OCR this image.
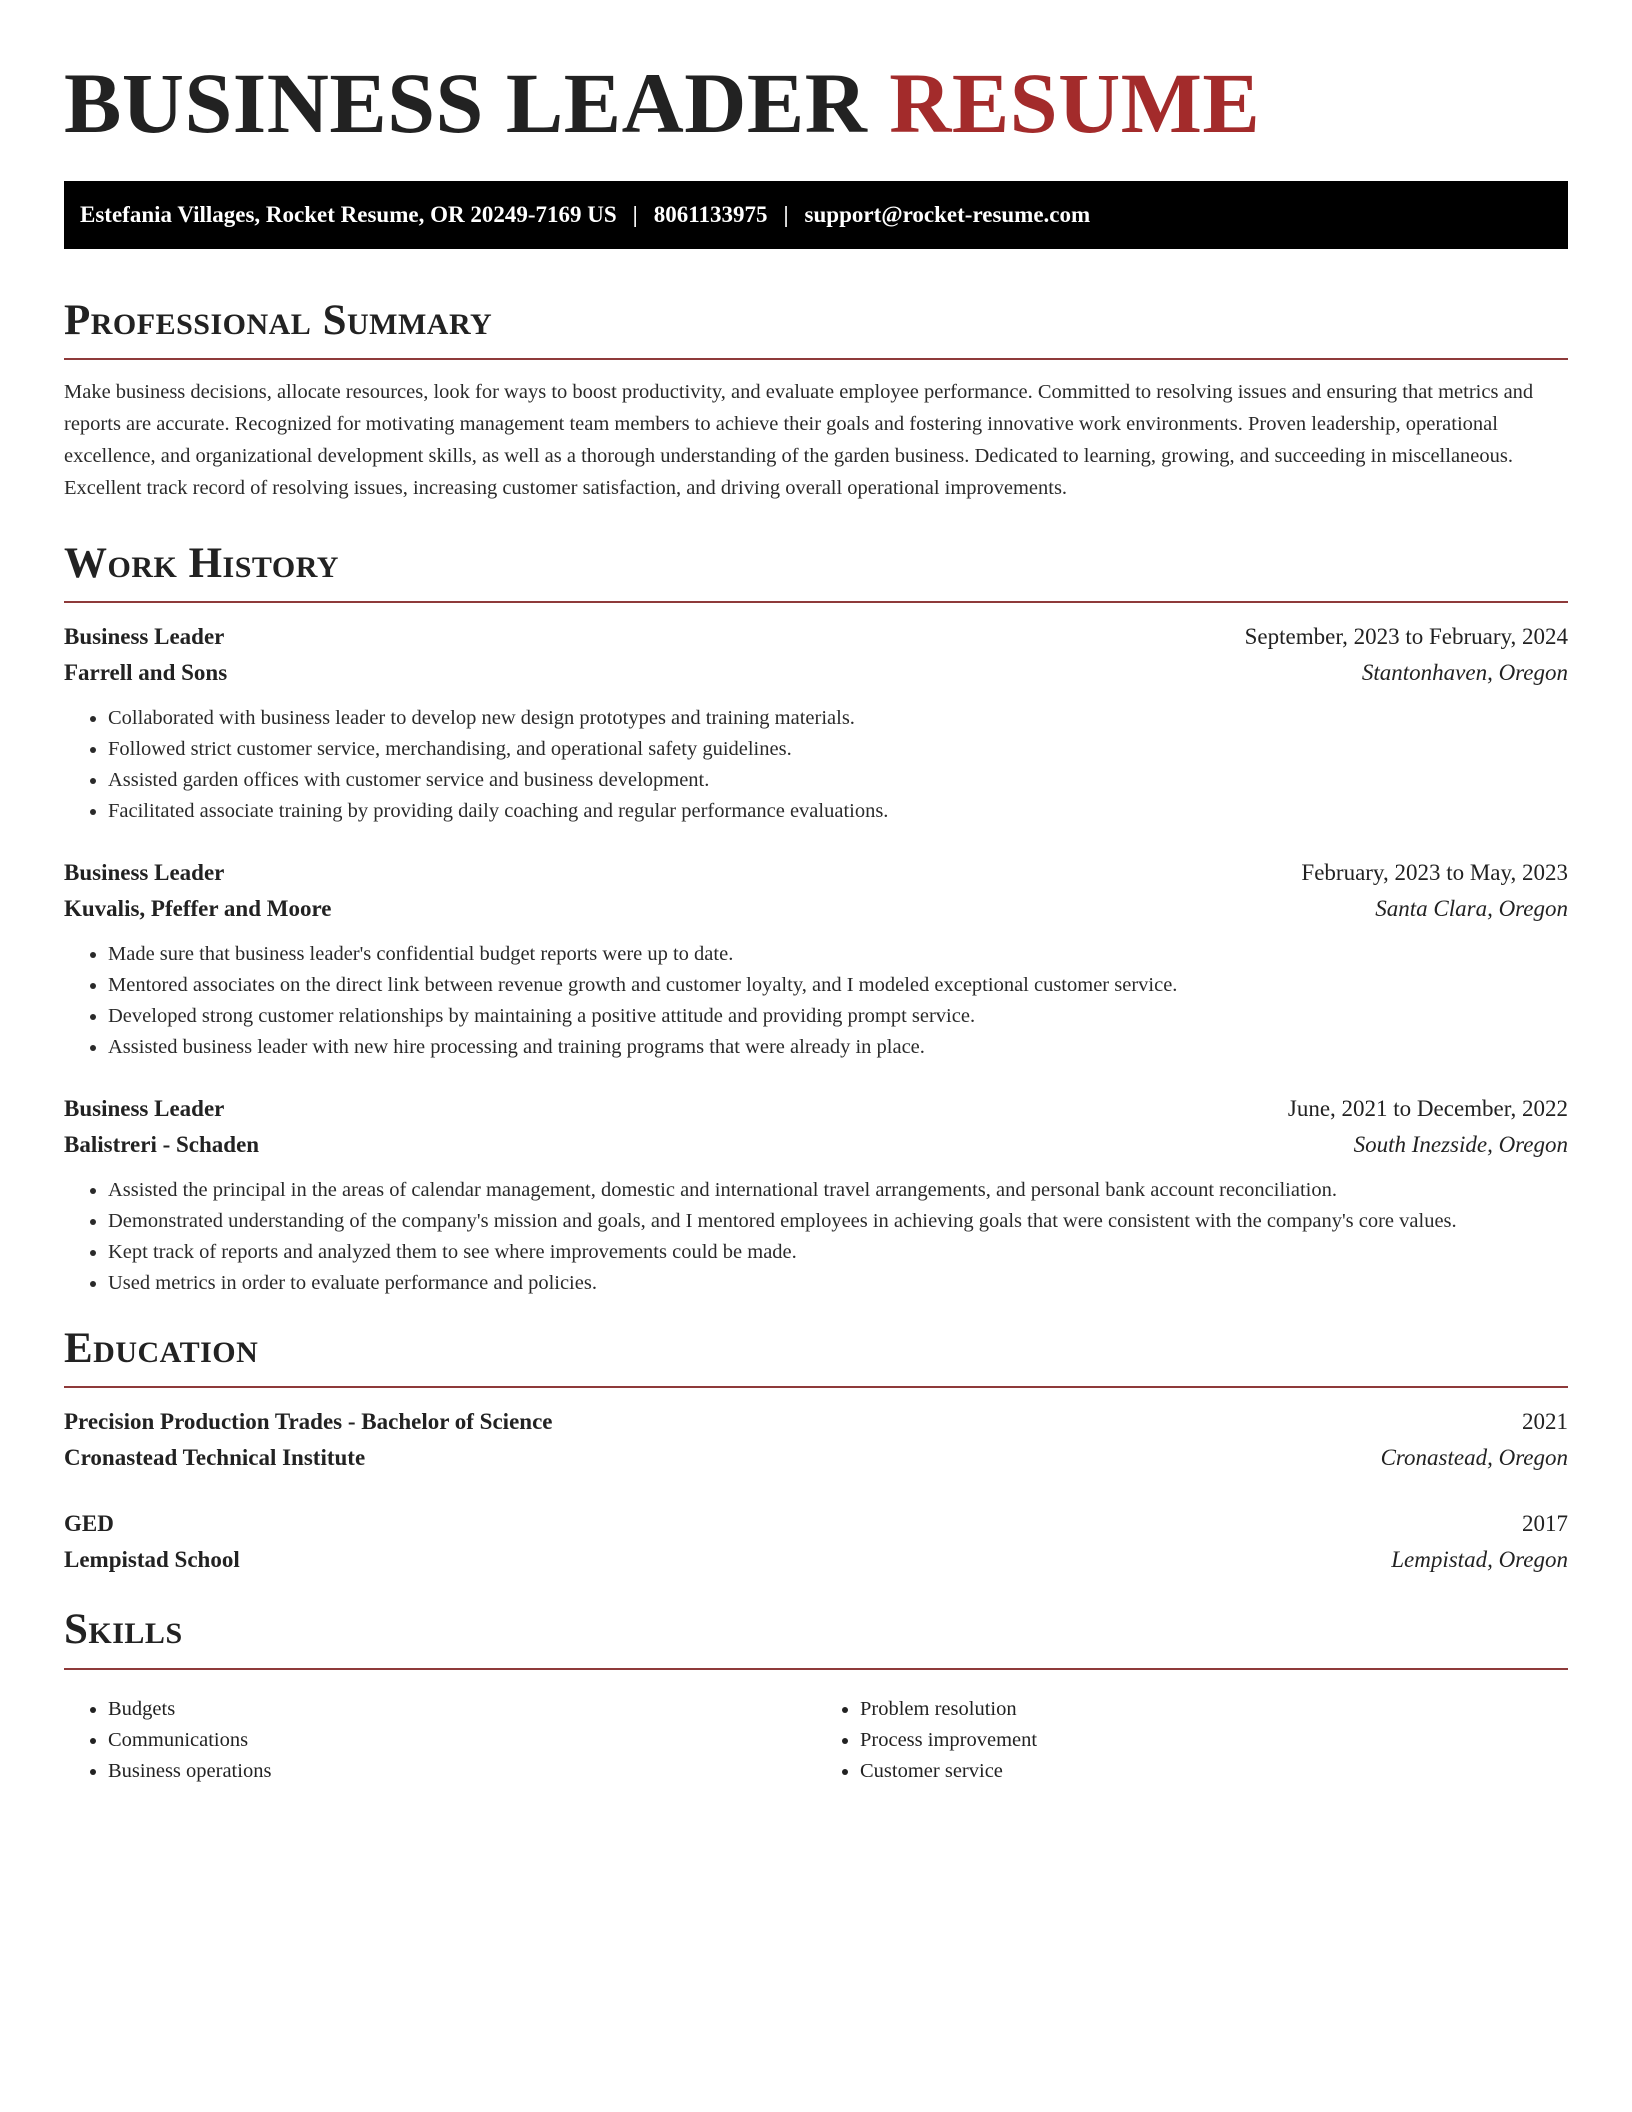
BUSINESS LEADER RESUME
Estefania Villages, Rocket Resume, OR 20249-7169 US | 8061133975 | support@rocket-resume.com
Professional Summary

Make business decisions, allocate resources, look for ways to boost productivity, and evaluate employee performance. Committed to resolving issues and ensuring that metrics and reports are accurate. Recognized for motivating management team members to achieve their goals and fostering innovative work environments. Proven leadership, operational excellence, and organizational development skills, as well as a thorough understanding of the garden business. Dedicated to learning, growing, and succeeding in miscellaneous. Excellent track record of resolving issues, increasing customer satisfaction, and driving overall operational improvements.

Work History
Business Leader	September, 2023 to February, 2024
Farrell and Sons	Stantonhaven, Oregon
• Collaborated with business leader to develop new design prototypes and training materials.
• Followed strict customer service, merchandising, and operational safety guidelines.
• Assisted garden offices with customer service and business development.
• Facilitated associate training by providing daily coaching and regular performance evaluations.
Business Leader	February, 2023 to May, 2023
Kuvalis, Pfeffer and Moore	Santa Clara, Oregon
• Made sure that business leader's confidential budget reports were up to date.
• Mentored associates on the direct link between revenue growth and customer loyalty, and I modeled exceptional customer service.
• Developed strong customer relationships by maintaining a positive attitude and providing prompt service.
• Assisted business leader with new hire processing and training programs that were already in place.
Business Leader	June, 2021 to December, 2022
Balistreri - Schaden	South Inezside, Oregon
• Assisted the principal in the areas of calendar management, domestic and international travel arrangements, and personal bank account reconciliation.
• Demonstrated understanding of the company's mission and goals, and I mentored employees in achieving goals that were consistent with the company's core values.
• Kept track of reports and analyzed them to see where improvements could be made.
• Used metrics in order to evaluate performance and policies.
Education
Precision Production Trades - Bachelor of Science	2021
Cronastead Technical Institute	Cronastead, Oregon
GED	2017
Lempistad School	Lempistad, Oregon
Skills
• Budgets
• Communications
• Business operations
• Problem resolution
• Process improvement
• Customer service
